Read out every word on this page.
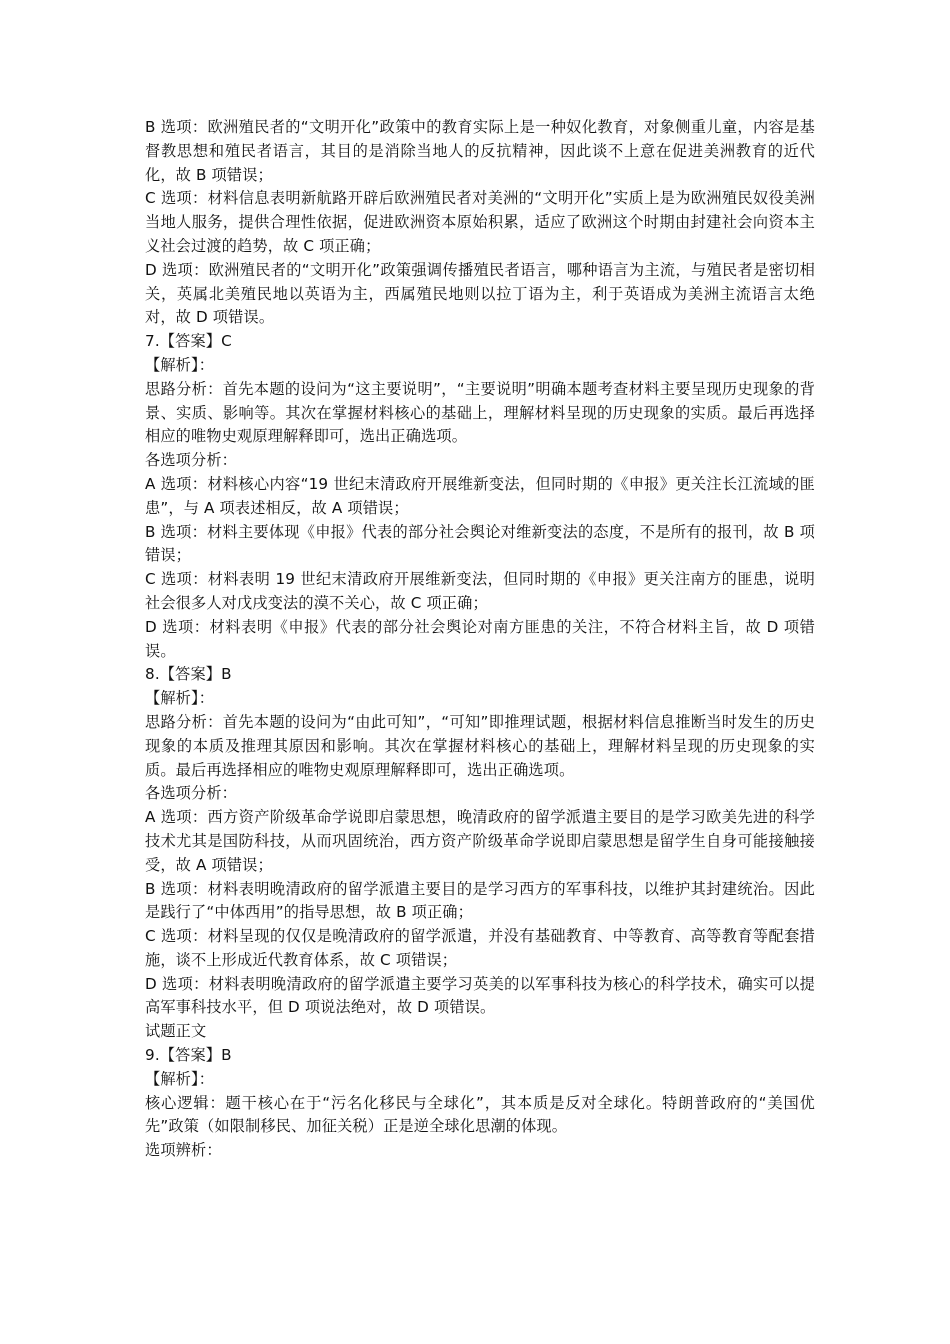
B 选项：欧洲殖民者的“文明开化”政策中的教育实际上是一种奴化教育，对象侧重儿童，内容是基督教思想和殖民者语言，其目的是消除当地人的反抗精神，因此谈不上意在促进美洲教育的近代化，故 B 项错误；

C 选项：材料信息表明新航路开辟后欧洲殖民者对美洲的“文明开化”实质上是为欧洲殖民奴役美洲当地人服务，提供合理性依据，促进欧洲资本原始积累，适应了欧洲这个时期由封建社会向资本主义社会过渡的趋势，故 C 项正确；

D 选项：欧洲殖民者的“文明开化”政策强调传播殖民者语言，哪种语言为主流，与殖民者是密切相关，英属北美殖民地以英语为主，西属殖民地则以拉丁语为主，利于英语成为美洲主流语言太绝对，故 D 项错误。

7.【答案】C

【解析】：

思路分析：首先本题的设问为“这主要说明”，“主要说明”明确本题考查材料主要呈现历史现象的背景、实质、影响等。其次在掌握材料核心的基础上，理解材料呈现的历史现象的实质。最后再选择相应的唯物史观原理解释即可，选出正确选项。

各选项分析：

A 选项：材料核心内容“19 世纪末清政府开展维新变法，但同时期的《申报》更关注长江流域的匪患”，与 A 项表述相反，故 A 项错误；

B 选项：材料主要体现《申报》代表的部分社会舆论对维新变法的态度，不是所有的报刊，故 B 项错误；

C 选项：材料表明 19 世纪末清政府开展维新变法，但同时期的《申报》更关注南方的匪患，说明社会很多人对戊戌变法的漠不关心，故 C 项正确；

D 选项：材料表明《申报》代表的部分社会舆论对南方匪患的关注，不符合材料主旨，故 D 项错误。

8.【答案】B

【解析】：

思路分析：首先本题的设问为“由此可知”，“可知”即推理试题，根据材料信息推断当时发生的历史现象的本质及推理其原因和影响。其次在掌握材料核心的基础上，理解材料呈现的历史现象的实质。最后再选择相应的唯物史观原理解释即可，选出正确选项。

各选项分析：

A 选项：西方资产阶级革命学说即启蒙思想，晚清政府的留学派遣主要目的是学习欧美先进的科学技术尤其是国防科技，从而巩固统治，西方资产阶级革命学说即启蒙思想是留学生自身可能接触接受，故 A 项错误；

B 选项：材料表明晚清政府的留学派遣主要目的是学习西方的军事科技，以维护其封建统治。因此是践行了“中体西用”的指导思想，故 B 项正确；

C 选项：材料呈现的仅仅是晚清政府的留学派遣，并没有基础教育、中等教育、高等教育等配套措施，谈不上形成近代教育体系，故 C 项错误；

D 选项：材料表明晚清政府的留学派遣主要学习英美的以军事科技为核心的科学技术，确实可以提高军事科技水平，但 D 项说法绝对，故 D 项错误。

试题正文

9.【答案】B

【解析】：

核心逻辑：题干核心在于“污名化移民与全球化”，其本质是反对全球化。特朗普政府的“美国优先”政策（如限制移民、加征关税）正是逆全球化思潮的体现。

选项辨析：
